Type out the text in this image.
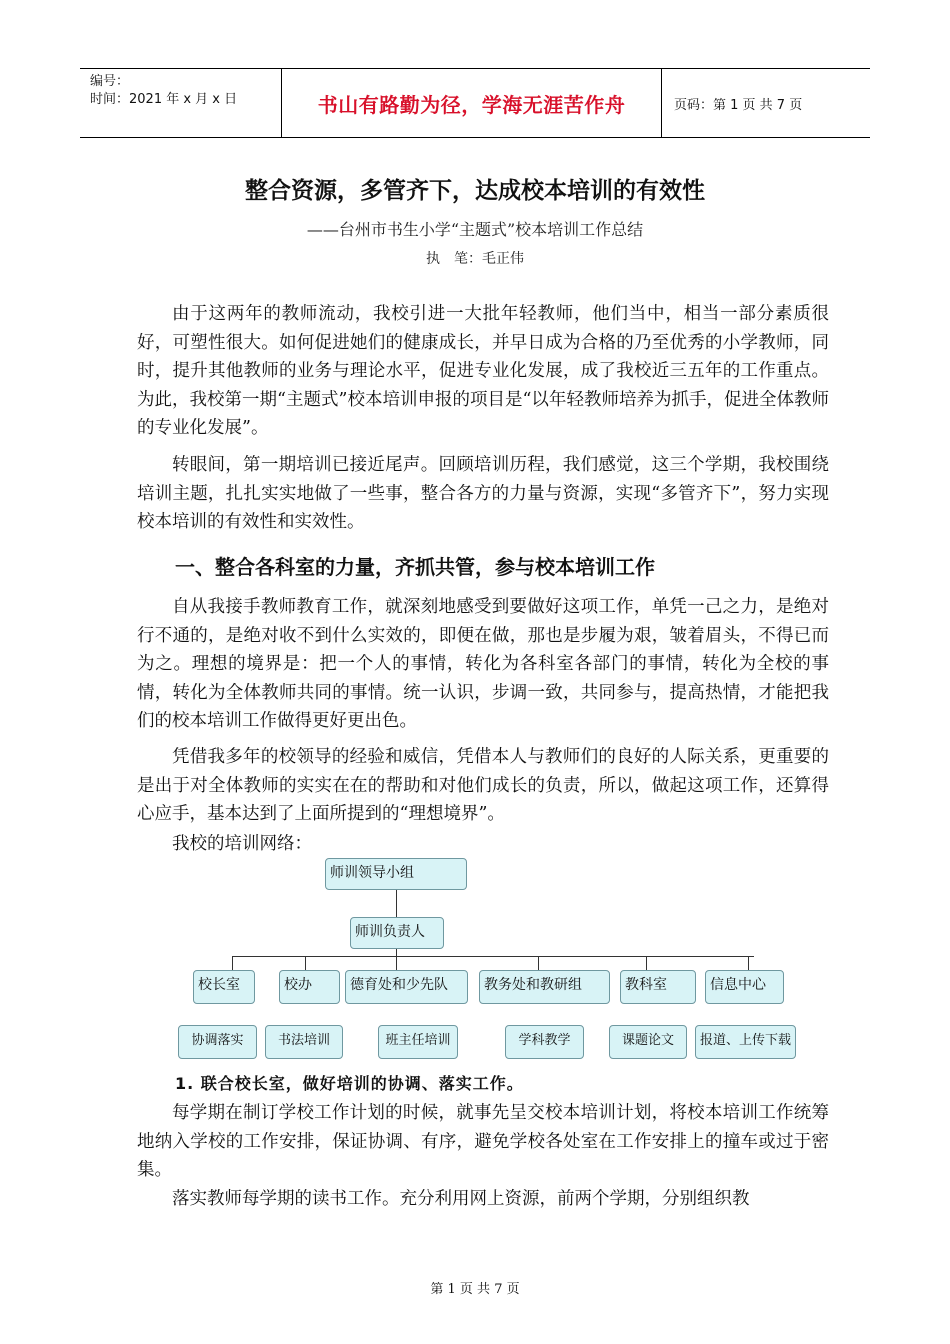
编号：
时间：2021 年 x 月 x 日	书山有路勤为径，学海无涯苦作舟	页码：第 1 页 共 7 页
整合资源，多管齐下，达成校本培训的有效性
——台州市书生小学“主题式”校本培训工作总结
执　笔：毛正伟

由于这两年的教师流动，我校引进一大批年轻教师，他们当中，相当一部分素质很好，可塑性很大。如何促进她们的健康成长，并早日成为合格的乃至优秀的小学教师，同时，提升其他教师的业务与理论水平，促进专业化发展，成了我校近三五年的工作重点。为此，我校第一期“主题式”校本培训申报的项目是“以年轻教师培养为抓手，促进全体教师的专业化发展”。

转眼间，第一期培训已接近尾声。回顾培训历程，我们感觉，这三个学期，我校围绕培训主题，扎扎实实地做了一些事，整合各方的力量与资源，实现“多管齐下”，努力实现校本培训的有效性和实效性。

一、整合各科室的力量，齐抓共管，参与校本培训工作

自从我接手教师教育工作，就深刻地感受到要做好这项工作，单凭一己之力，是绝对行不通的，是绝对收不到什么实效的，即便在做，那也是步履为艰，皱着眉头，不得已而为之。理想的境界是：把一个人的事情，转化为各科室各部门的事情，转化为全校的事情，转化为全体教师共同的事情。统一认识，步调一致，共同参与，提高热情，才能把我们的校本培训工作做得更好更出色。

凭借我多年的校领导的经验和威信，凭借本人与教师们的良好的人际关系，更重要的是出于对全体教师的实实在在的帮助和对他们成长的负责，所以，做起这项工作，还算得心应手，基本达到了上面所提到的“理想境界”。

我校的培训网络：

师训领导小组
师训负责人
校长室	校办	德育处和少先队	教务处和教研组	教科室	信息中心
协调落实	书法培训	班主任培训	学科教学	课题论文	报道、上传下载
1. 联合校长室，做好培训的协调、落实工作。

每学期在制订学校工作计划的时候，就事先呈交校本培训计划，将校本培训工作统筹地纳入学校的工作安排，保证协调、有序，避免学校各处室在工作安排上的撞车或过于密集。

落实教师每学期的读书工作。充分利用网上资源，前两个学期，分别组织教

第 1 页 共 7 页
